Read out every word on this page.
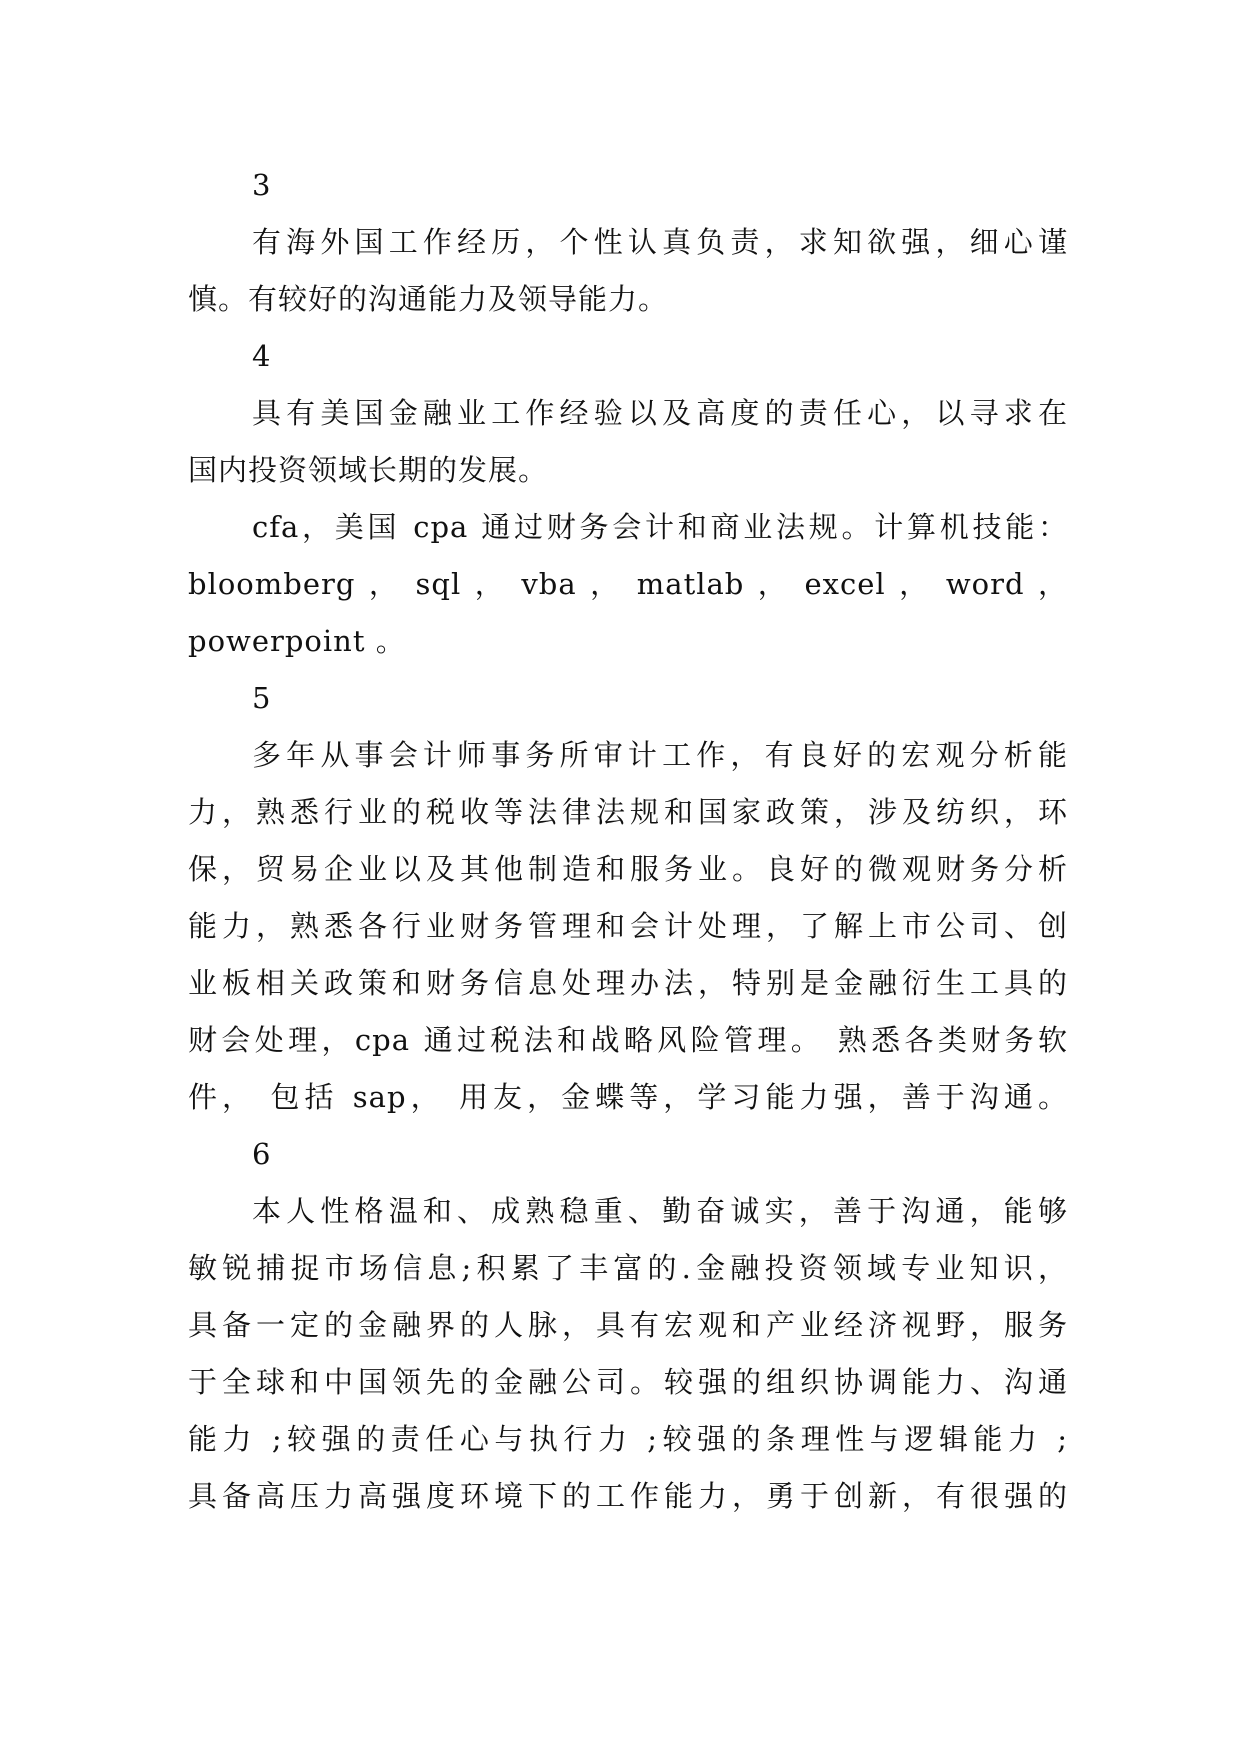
3
有海外国工作经历，个性认真负责，求知欲强，细心谨
慎。有较好的沟通能力及领导能力。
4
具有美国金融业工作经验以及高度的责任心，以寻求在
国内投资领域长期的发展。
cfa，美国 cpa 通过财务会计和商业法规。计算机技能：
bloomberg ， sql ， vba ， matlab ， excel ， word ，
powerpoint 。
5
多年从事会计师事务所审计工作，有良好的宏观分析能
力，熟悉行业的税收等法律法规和国家政策，涉及纺织，环
保，贸易企业以及其他制造和服务业。良好的微观财务分析
能力，熟悉各行业财务管理和会计处理，了解上市公司、创
业板相关政策和财务信息处理办法，特别是金融衍生工具的
财会处理，cpa 通过税法和战略风险管理。 熟悉各类财务软
件， 包括 sap， 用友，金蝶等，学习能力强，善于沟通。
6
本人性格温和、成熟稳重、勤奋诚实，善于沟通，能够
敏锐捕捉市场信息;积累了丰富的.金融投资领域专业知识，
具备一定的金融界的人脉，具有宏观和产业经济视野，服务
于全球和中国领先的金融公司。较强的组织协调能力、沟通
能力 ;较强的责任心与执行力 ;较强的条理性与逻辑能力 ;
具备高压力高强度环境下的工作能力，勇于创新，有很强的
